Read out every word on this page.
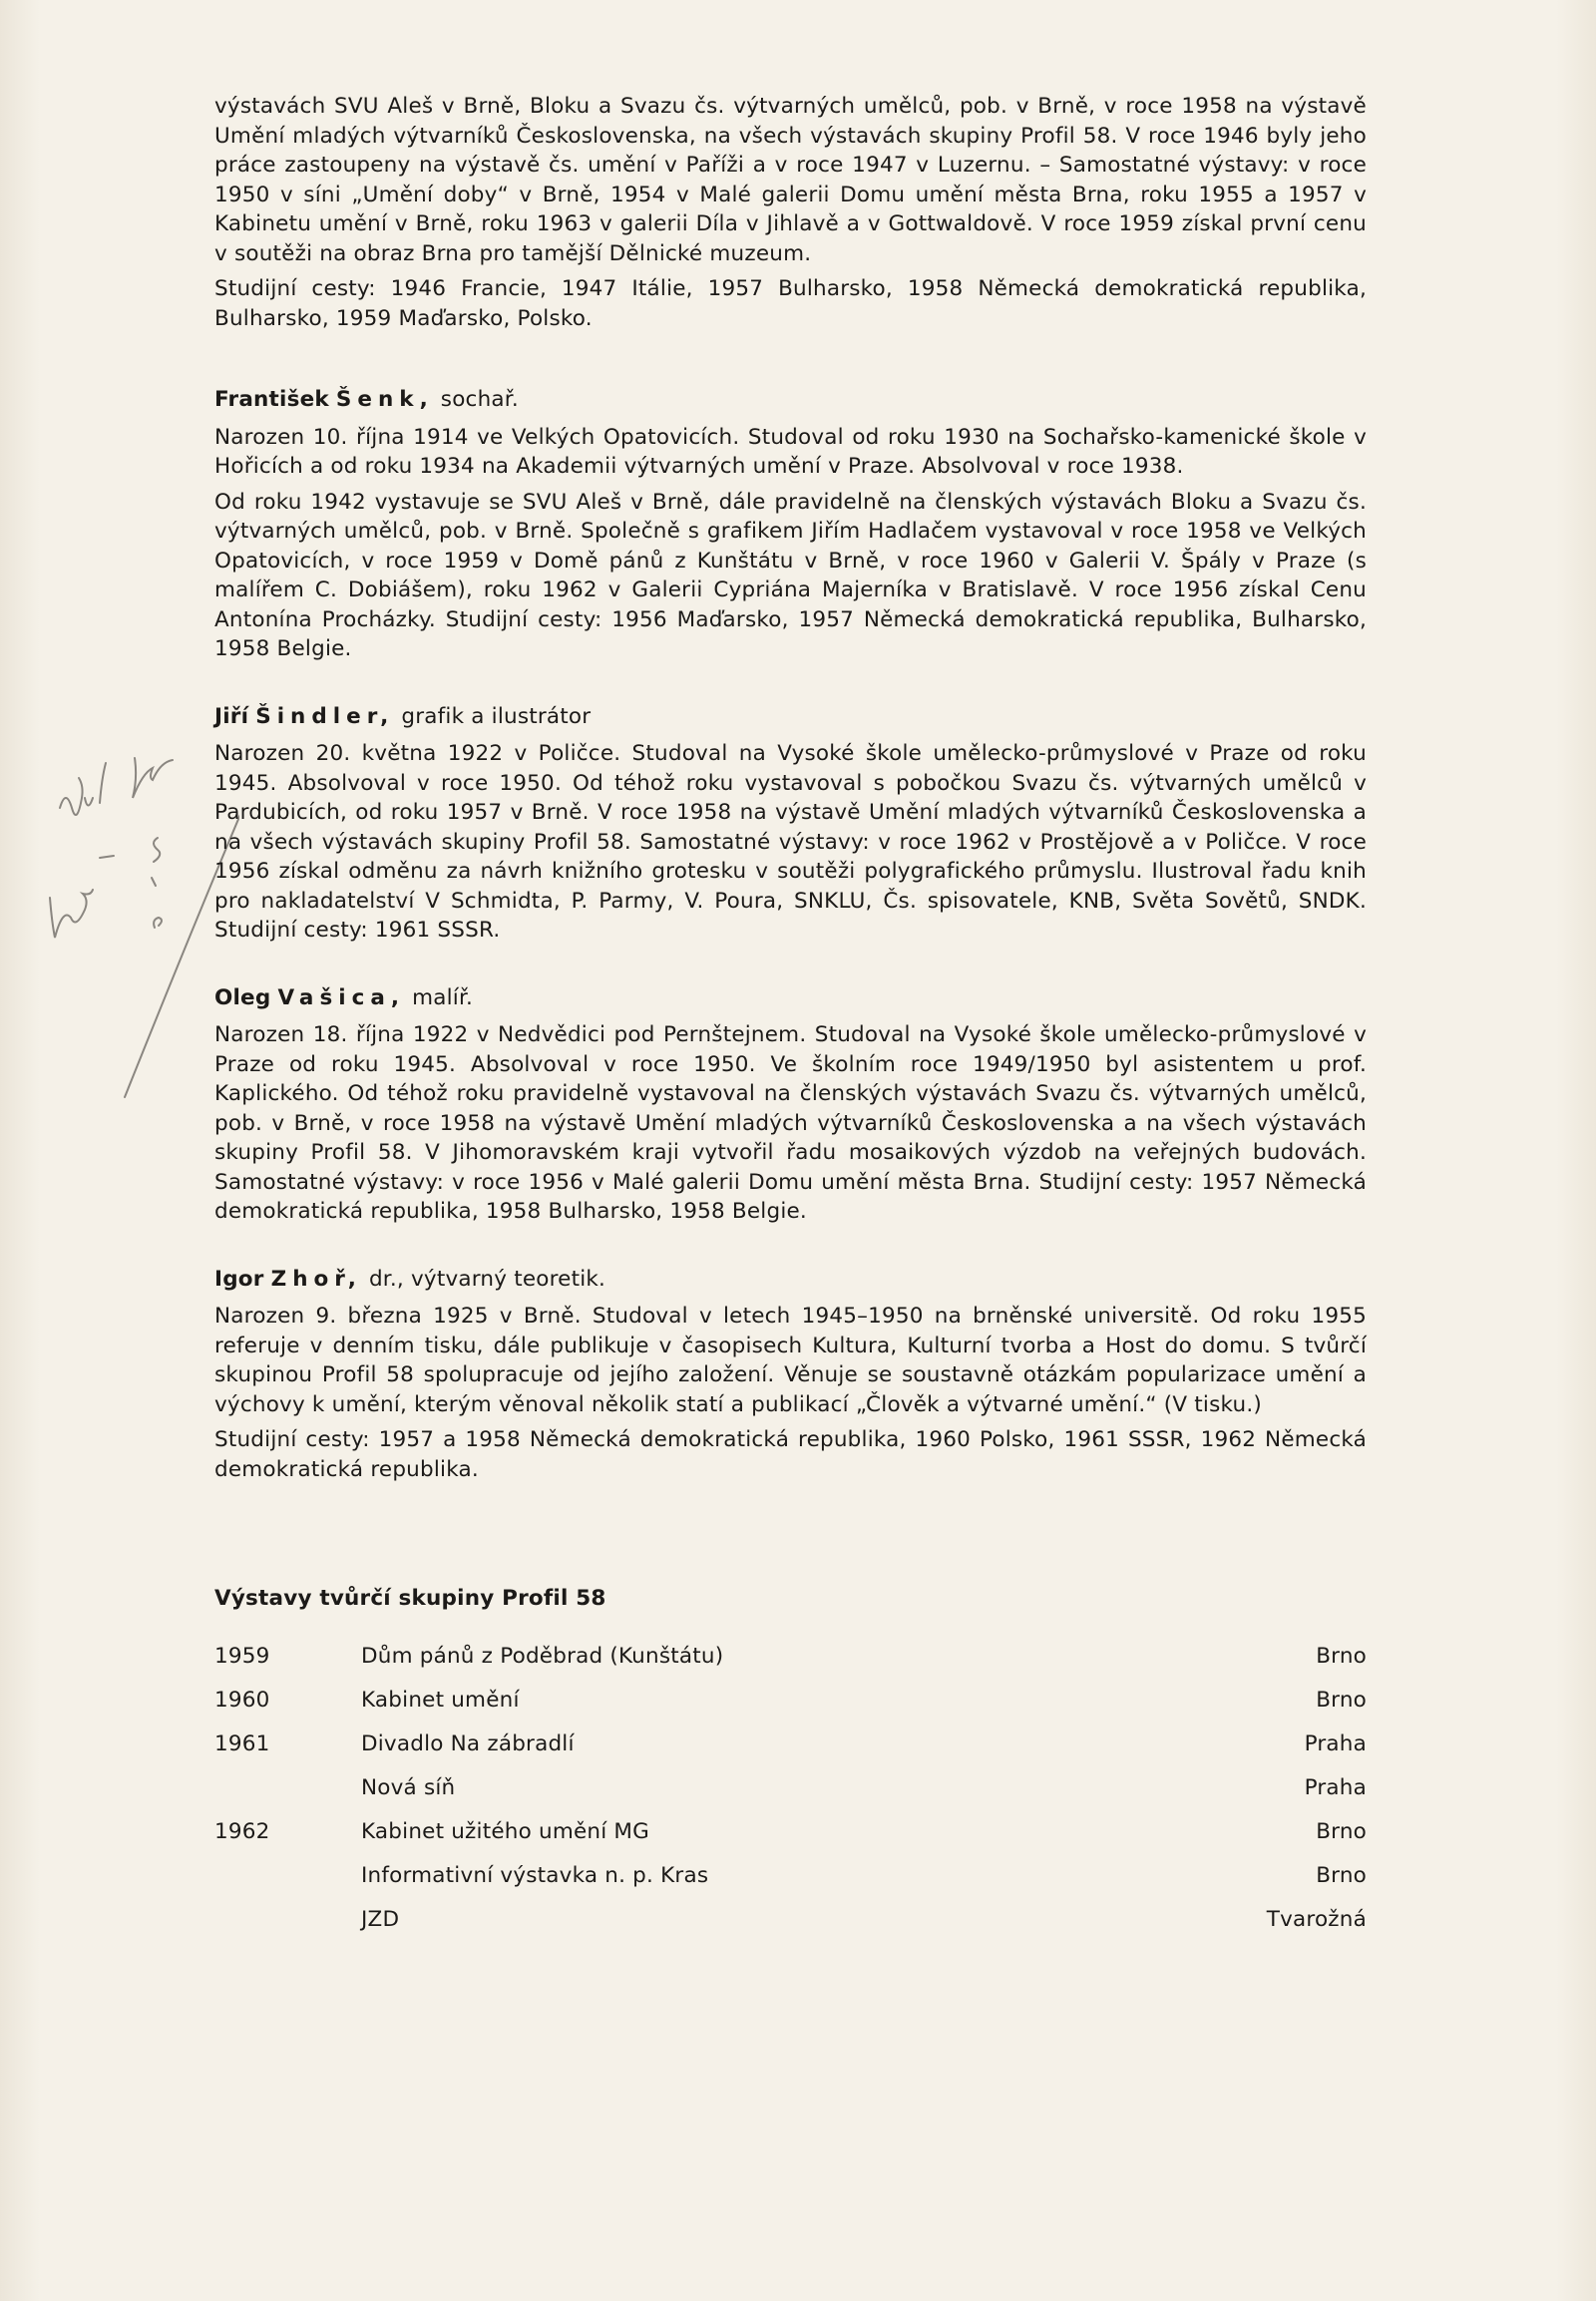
výstavách SVU Aleš v Brně, Bloku a Svazu čs. výtvarných umělců, pob. v Brně, v roce 1958 na výstavě Umění mladých výtvarníků Československa, na všech výstavách skupiny Profil 58. V roce 1946 byly jeho práce zastoupeny na výstavě čs. umění v Paříži a v roce 1947 v Luzernu. – Samostatné výstavy: v roce 1950 v síni „Umění doby“ v Brně, 1954 v Malé galerii Domu umění města Brna, roku 1955 a 1957 v Kabinetu umění v Brně, roku 1963 v galerii Díla v Jihlavě a v Gottwaldově. V roce 1959 získal první cenu v soutěži na obraz Brna pro tamější Dělnické muzeum.

Studijní cesty: 1946 Francie, 1947 Itálie, 1957 Bulharsko, 1958 Německá demokratická republika, Bulharsko, 1959 Maďarsko, Polsko.

František Šenk, sochař.

Narozen 10. října 1914 ve Velkých Opatovicích. Studoval od roku 1930 na Sochařsko-kamenické škole v Hořicích a od roku 1934 na Akademii výtvarných umění v Praze. Absolvoval v roce 1938.

Od roku 1942 vystavuje se SVU Aleš v Brně, dále pravidelně na členských výstavách Bloku a Svazu čs. výtvarných umělců, pob. v Brně. Společně s grafikem Jiřím Hadlačem vystavoval v roce 1958 ve Velkých Opatovicích, v roce 1959 v Domě pánů z Kunštátu v Brně, v roce 1960 v Galerii V. Špály v Praze (s malířem C. Dobiášem), roku 1962 v Galerii Cypriána Majerníka v Bratislavě. V roce 1956 získal Cenu Antonína Procházky. Studijní cesty: 1956 Maďarsko, 1957 Německá demokratická republika, Bulharsko, 1958 Belgie.

Jiří Šindler, grafik a ilustrátor

Narozen 20. května 1922 v Poličce. Studoval na Vysoké škole umělecko-průmyslové v Praze od roku 1945. Absolvoval v roce 1950. Od téhož roku vystavoval s pobočkou Svazu čs. výtvarných umělců v Pardubicích, od roku 1957 v Brně. V roce 1958 na výstavě Umění mladých výtvarníků Československa a na všech výstavách skupiny Profil 58. Samostatné výstavy: v roce 1962 v Prostějově a v Poličce. V roce 1956 získal odměnu za návrh knižního grotesku v soutěži polygrafického průmyslu. Ilustroval řadu knih pro nakladatelství V Schmidta, P. Parmy, V. Poura, SNKLU, Čs. spisovatele, KNB, Světa Sovětů, SNDK. Studijní cesty: 1961 SSSR.

Oleg Vašica, malíř.

Narozen 18. října 1922 v Nedvědici pod Pernštejnem. Studoval na Vysoké škole umělecko-průmyslové v Praze od roku 1945. Absolvoval v roce 1950. Ve školním roce 1949/1950 byl asistentem u prof. Kaplického. Od téhož roku pravidelně vystavoval na členských výstavách Svazu čs. výtvarných umělců, pob. v Brně, v roce 1958 na výstavě Umění mladých výtvarníků Československa a na všech výstavách skupiny Profil 58. V Jihomoravském kraji vytvořil řadu mosaikových výzdob na veřejných budovách. Samostatné výstavy: v roce 1956 v Malé galerii Domu umění města Brna. Studijní cesty: 1957 Německá demokratická republika, 1958 Bulharsko, 1958 Belgie.

Igor Zhoř, dr., výtvarný teoretik.

Narozen 9. března 1925 v Brně. Studoval v letech 1945–1950 na brněnské universitě. Od roku 1955 referuje v denním tisku, dále publikuje v časopisech Kultura, Kulturní tvorba a Host do domu. S tvůrčí skupinou Profil 58 spolupracuje od jejího založení. Věnuje se soustavně otázkám popularizace umění a výchovy k umění, kterým věnoval několik statí a publikací „Člověk a výtvarné umění.“ (V tisku.)

Studijní cesty: 1957 a 1958 Německá demokratická republika, 1960 Polsko, 1961 SSSR, 1962 Německá demokratická republika.

Výstavy tvůrčí skupiny Profil 58
1959	Dům pánů z Poděbrad (Kunštátu)	Brno
1960	Kabinet umění	Brno
1961	Divadlo Na zábradlí	Praha
	Nová síň	Praha
1962	Kabinet užitého umění MG	Brno
	Informativní výstavka n. p. Kras	Brno
	JZD	Tvarožná
